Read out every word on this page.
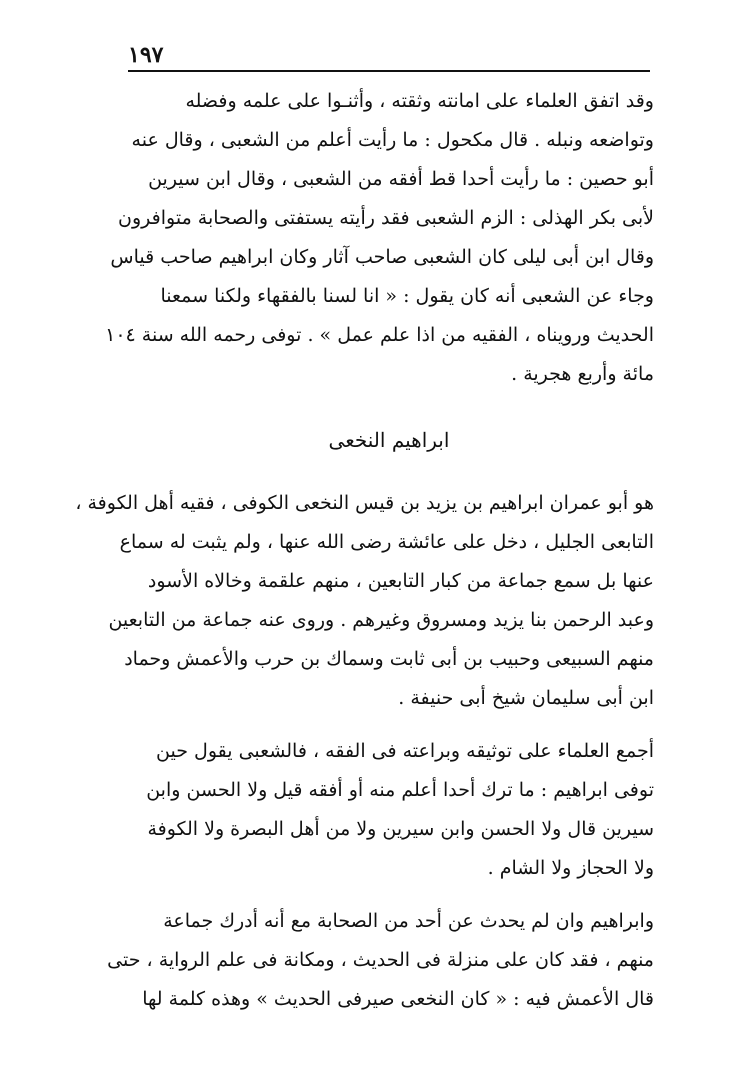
١٩٧
وقد اتفق العلماء على امانته وثقته ، وأثنـوا على علمه وفضله
وتواضعه ونبله . قال مكحول : ما رأيت أعلم من الشعبى ، وقال عنه
أبو حصين : ما رأيت أحدا قط أفقه من الشعبى ، وقال ابن سيرين
لأبى بكر الهذلى : الزم الشعبى فقد رأيته يستفتى والصحابة متوافرون
وقال ابن أبى ليلى كان الشعبى صاحب آثار وكان ابراهيم صاحب قياس
وجاء عن الشعبى أنه كان يقول : « انا لسنا بالفقهاء ولكنا سمعنا
الحديث ورويناه ، الفقيه من اذا علم عمل » . توفى رحمه الله سنة ١٠٤
مائة وأربع هجرية .
ابراهيم النخعى
هو أبو عمران ابراهيم بن يزيد بن قيس النخعى الكوفى ، فقيه أهل الكوفة ،
التابعى الجليل ، دخل على عائشة رضى الله عنها ، ولم يثبت له سماع
عنها بل سمع جماعة من كبار التابعين ، منهم علقمة وخالاه الأسود
وعبد الرحمن بنا يزيد ومسروق وغيرهم . وروى عنه جماعة من التابعين
منهم السبيعى وحبيب بن أبى ثابت وسماك بن حرب والأعمش وحماد
ابن أبى سليمان شيخ أبى حنيفة .
أجمع العلماء على توثيقه وبراعته فى الفقه ، فالشعبى يقول حين
توفى ابراهيم : ما ترك أحدا أعلم منه أو أفقه قيل ولا الحسن وابن
سيرين قال ولا الحسن وابن سيرين ولا من أهل البصرة ولا الكوفة
ولا الحجاز ولا الشام .
وابراهيم وان لم يحدث عن أحد من الصحابة مع أنه أدرك جماعة
منهم ، فقد كان على منزلة فى الحديث ، ومكانة فى علم الرواية ، حتى
قال الأعمش فيه : « كان النخعى صيرفى الحديث » وهذه كلمة لها
